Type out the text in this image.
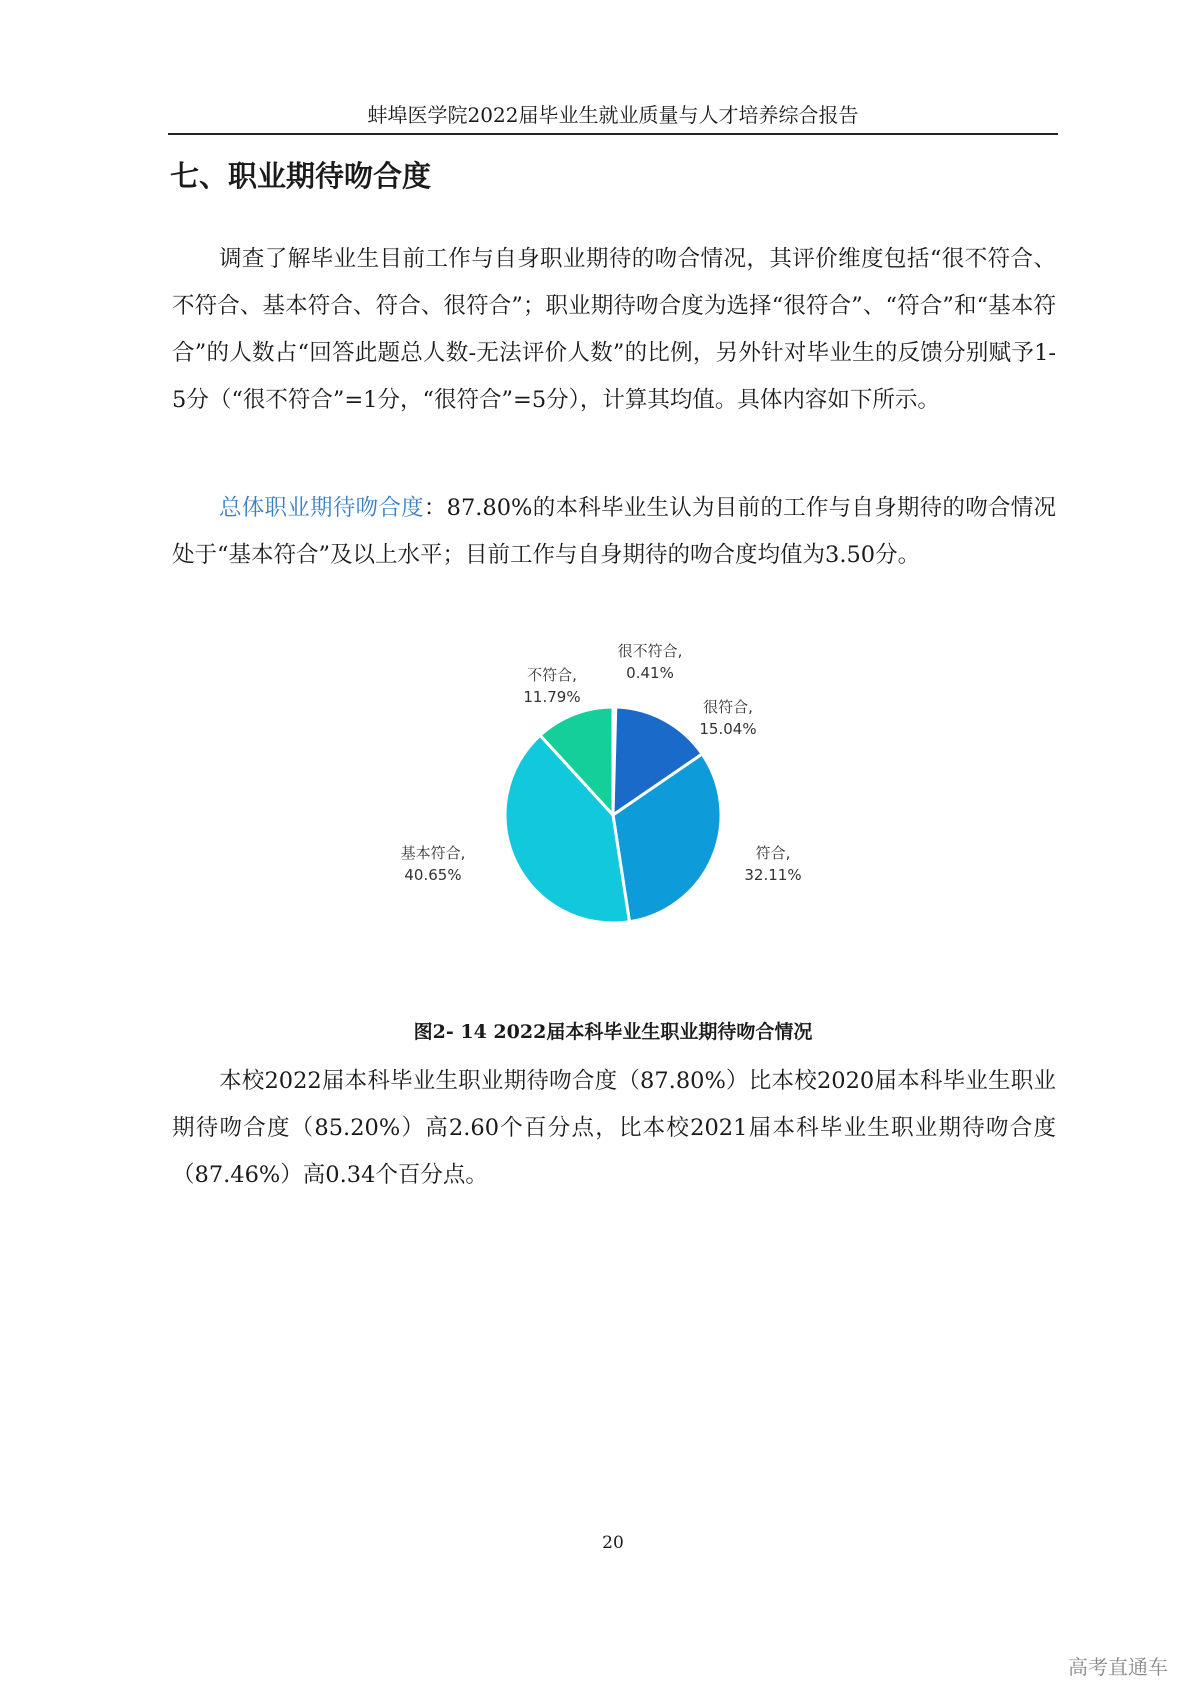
蚌埠医学院2022届毕业生就业质量与人才培养综合报告
七、职业期待吻合度

调查了解毕业生目前工作与自身职业期待的吻合情况，其评价维度包括“很不符合、不符合、基本符合、符合、很符合”；职业期待吻合度为选择“很符合”、“符合”和“基本符合”的人数占“回答此题总人数-无法评价人数”的比例，另外针对毕业生的反馈分别赋予1-5分（“很不符合”=1分，“很符合”=5分），计算其均值。具体内容如下所示。

总体职业期待吻合度：87.80%的本科毕业生认为目前的工作与自身期待的吻合情况处于“基本符合”及以上水平；目前工作与自身期待的吻合度均值为3.50分。

很不符合,
0.41%
很符合,
15.04%
符合,
32.11%
基本符合,
40.65%
不符合,
11.79%
图2- 14 2022届本科毕业生职业期待吻合情况

本校2022届本科毕业生职业期待吻合度（87.80%）比本校2020届本科毕业生职业期待吻合度（85.20%）高2.60个百分点，比本校2021届本科毕业生职业期待吻合度（87.46%）高0.34个百分点。

20
高考直通车
